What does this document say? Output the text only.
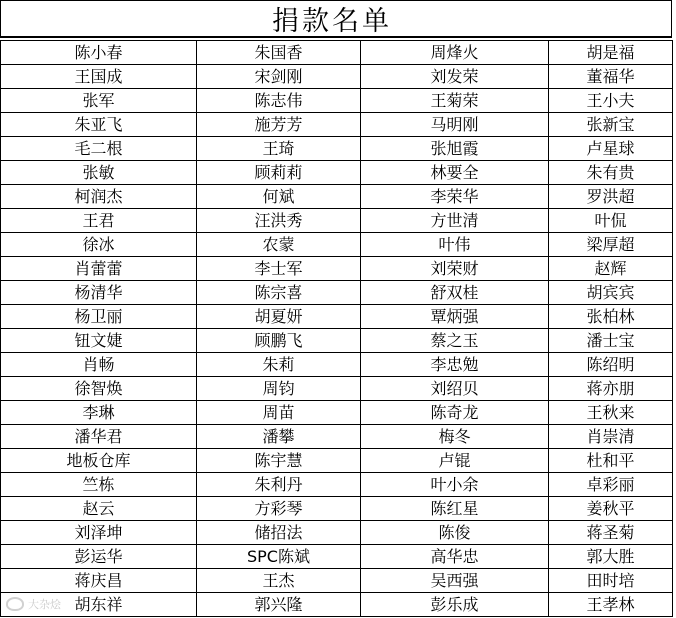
捐款名单
陈小春	朱国香	周烽火	胡是福
王国成	宋剑刚	刘发荣	董福华
张军	陈志伟	王菊荣	王小夫
朱亚飞	施芳芳	马明刚	张新宝
毛二根	王琦	张旭霞	卢星球
张敏	顾莉莉	林要全	朱有贵
柯润杰	何斌	李荣华	罗洪超
王君	汪洪秀	方世清	叶侃
徐冰	农蒙	叶伟	梁厚超
肖蕾蕾	李士军	刘荣财	赵辉
杨清华	陈宗喜	舒双桂	胡宾宾
杨卫丽	胡夏妍	覃炳强	张柏林
钮文婕	顾鹏飞	蔡之玉	潘士宝
肖畅	朱莉	李忠勉	陈绍明
徐智焕	周钧	刘绍贝	蒋亦朋
李琳	周苗	陈奇龙	王秋来
潘华君	潘攀	梅冬	肖崇清
地板仓库	陈宇慧	卢锟	杜和平
竺栋	朱利丹	叶小余	卓彩丽
赵云	方彩琴	陈红星	姜秋平
刘泽坤	储招法	陈俊	蒋圣菊
彭运华	SPC陈斌	高华忠	郭大胜
蒋庆昌	王杰	吴西强	田时培
胡东祥	郭兴隆	彭乐成	王孝林
大杂烩
